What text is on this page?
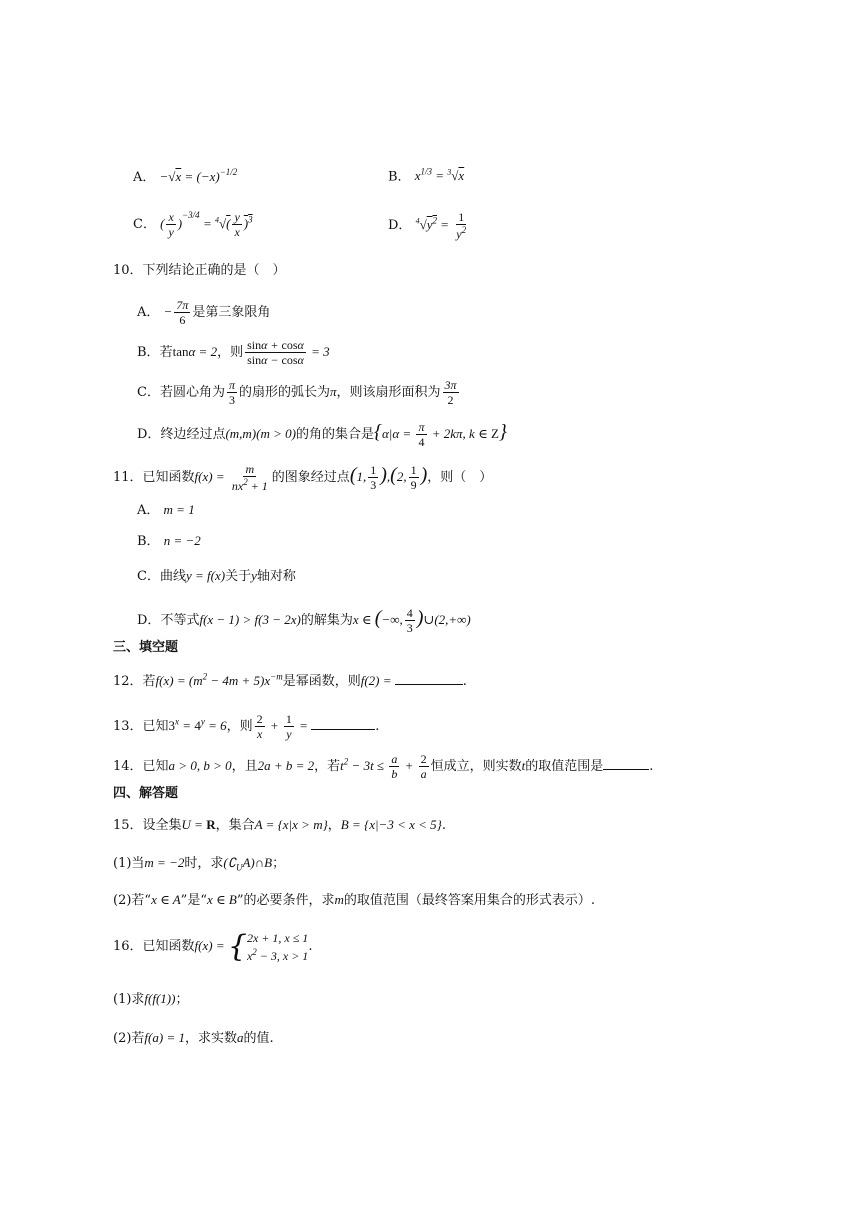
A． $-√x = (-x)^{-1/2}$	B． $x^{1/3} = ^3√x$
C． ( $\frac{x}{y} )^{-3/4} = ^4√( \frac{y}{x} )^3$	D． $^4√y^2 = \frac{1}{y^2}$
10．下列结论正确的是（　）
A． − $\frac{7\pi}{6}$ 是第三象限角
B．若tanα = 2，则 $\frac{\sin\alpha + \cos\alpha}{\sin\alpha - \cos\alpha} = 3$
C．若圆心角为 $\frac{\pi}{3}$ 的扇形的弧长为π，则该扇形面积为 $\frac{3\pi}{2}$
D．终边经过点(m,m)(m > 0)的角的集合是{$\alpha|\alpha = \frac{\pi}{4} + 2k\pi$, k ∈ Z}
11．已知函数$f(x) = \frac{m}{nx^2 + 1}$ 的图象经过点(1, $\frac{1}{3} ),(2$, $\frac{1}{9}$ )，则（　）
A． m = 1
B． n = −2
C．曲线y = f(x)关于y轴对称
D．不等式f(x − 1) > f(3 − 2x)的解集为x ∈ (−∞, $\frac{4}{3}$ )∪(2,+∞)
三、填空题
12．若$f(x) = (m^2 - 4m + 5)x^{-m}$是幂函数，则f(2) =	.
13．已知$3^x = 4^y = 6$，则 $\frac{2}{x} + \frac{1}{y}$ =	.
14．已知a > 0, b > 0，且2a + b = 2，若$t^2 - 3t \le \frac{a}{b} + \frac{2}{a}$ 恒成立，则实数t的取值范围是	.
四、解答题
15．设全集U = R，集合A = {x|x > m}，B = {x|−3 < x < 5}.
(1)当m = −2时，求$(∁_UA)\cap B$；
(2)若“x ∈ A”是“x ∈ B”的必要条件，求m的取值范围（最终答案用集合的形式表示）.
16．已知函数f(x) = { 2x + 1, x ≤ 1
$x^2 - 3$, x > 1
.
(1)求f(f(1))；
(2)若f(a) = 1，求实数a的值.
